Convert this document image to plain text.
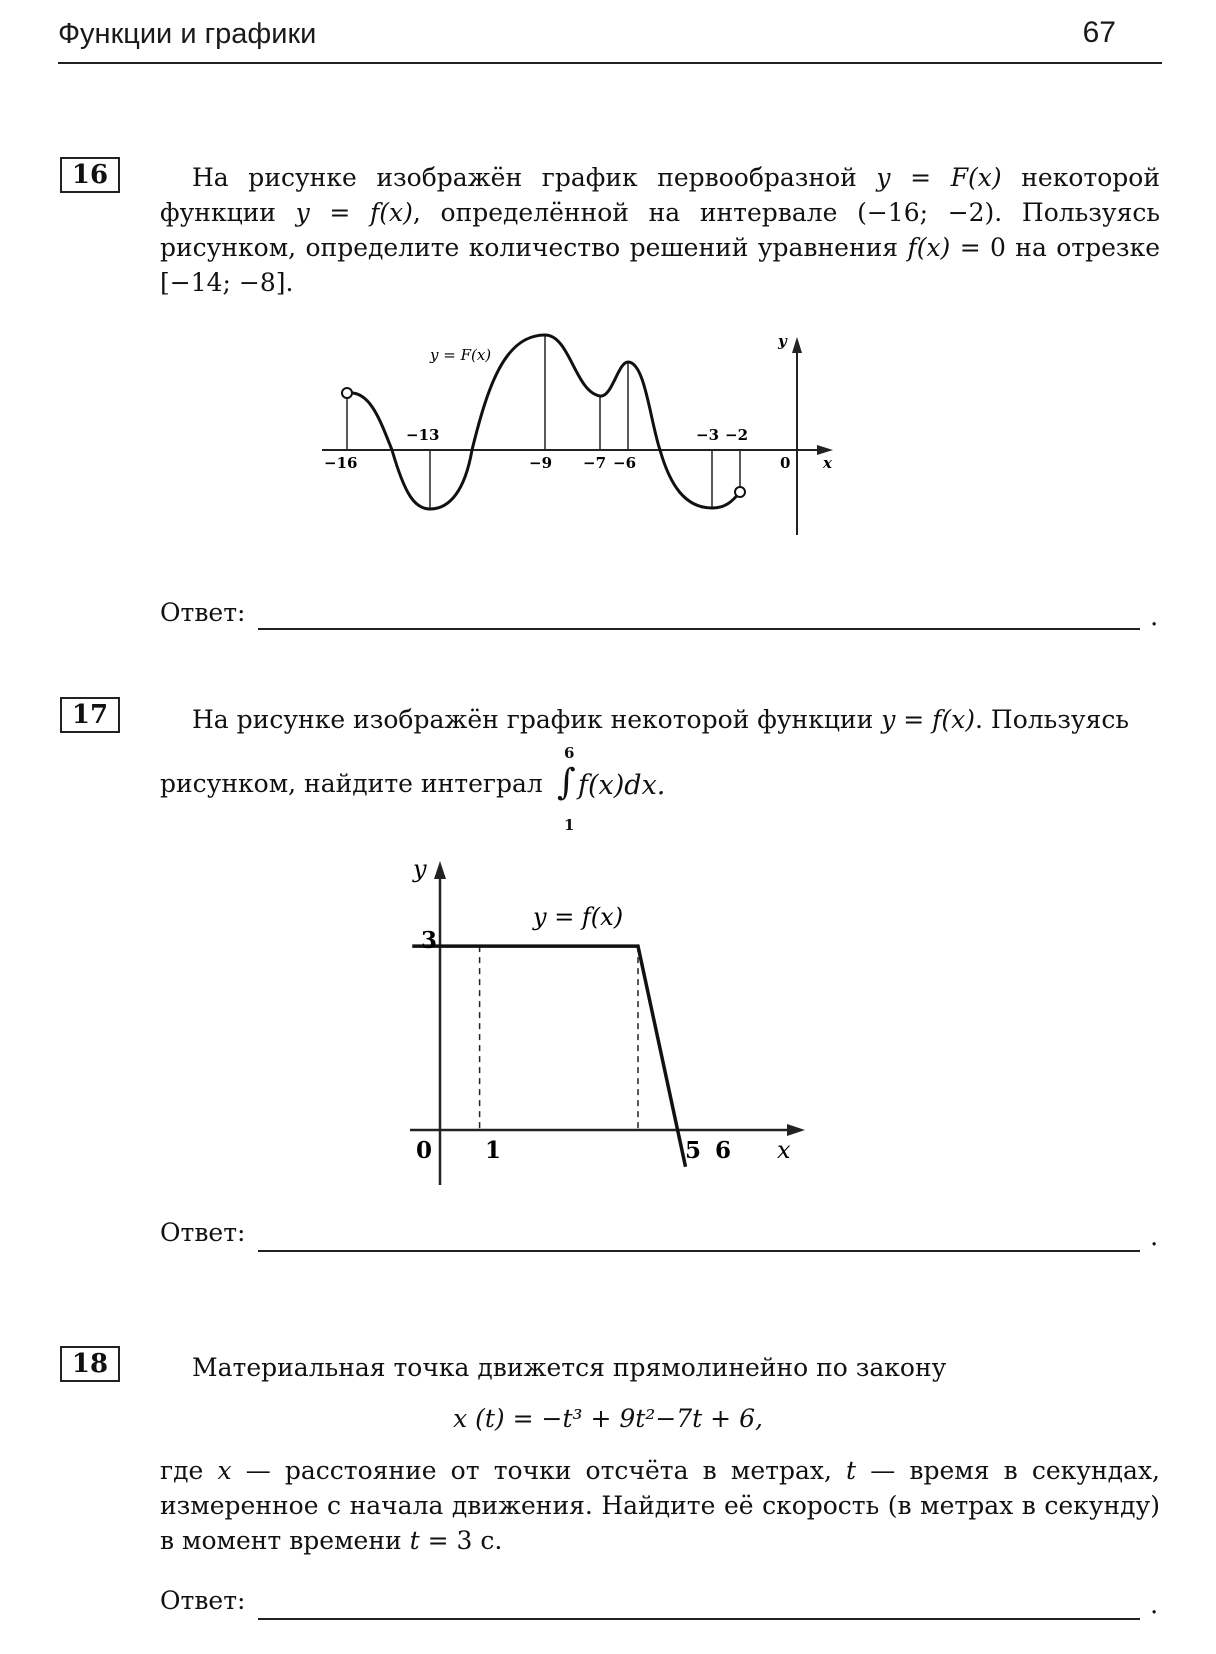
Функции и графики	67
16	На рисунке изображён график первообразной y = F(x) некоторой функции y = f(x), определённой на интервале (−16; −2). Пользуясь рисунком, определите количество решений уравнения f(x) = 0 на отрезке [−14; −8].
y = F(x)
−16
−13
−9 −7 −6
−3 −2
0 x
y
Ответ:	.
17	На рисунке изображён график некоторой функции y = f(x). Пользуясь
рисунком, найдите интеграл
6
∫
1
f(x)dx.
y
y = f(x)
3
0 1	5 6 x
Ответ:	.
18	Материальная точка движется прямолинейно по закону
x (t) = −t³ + 9t²−7t + 6,
где x — расстояние от точки отсчёта в метрах, t — время в секундах, измеренное с начала движения. Найдите её скорость (в метрах в секунду) в момент времени t = 3 с.
Ответ:	.
